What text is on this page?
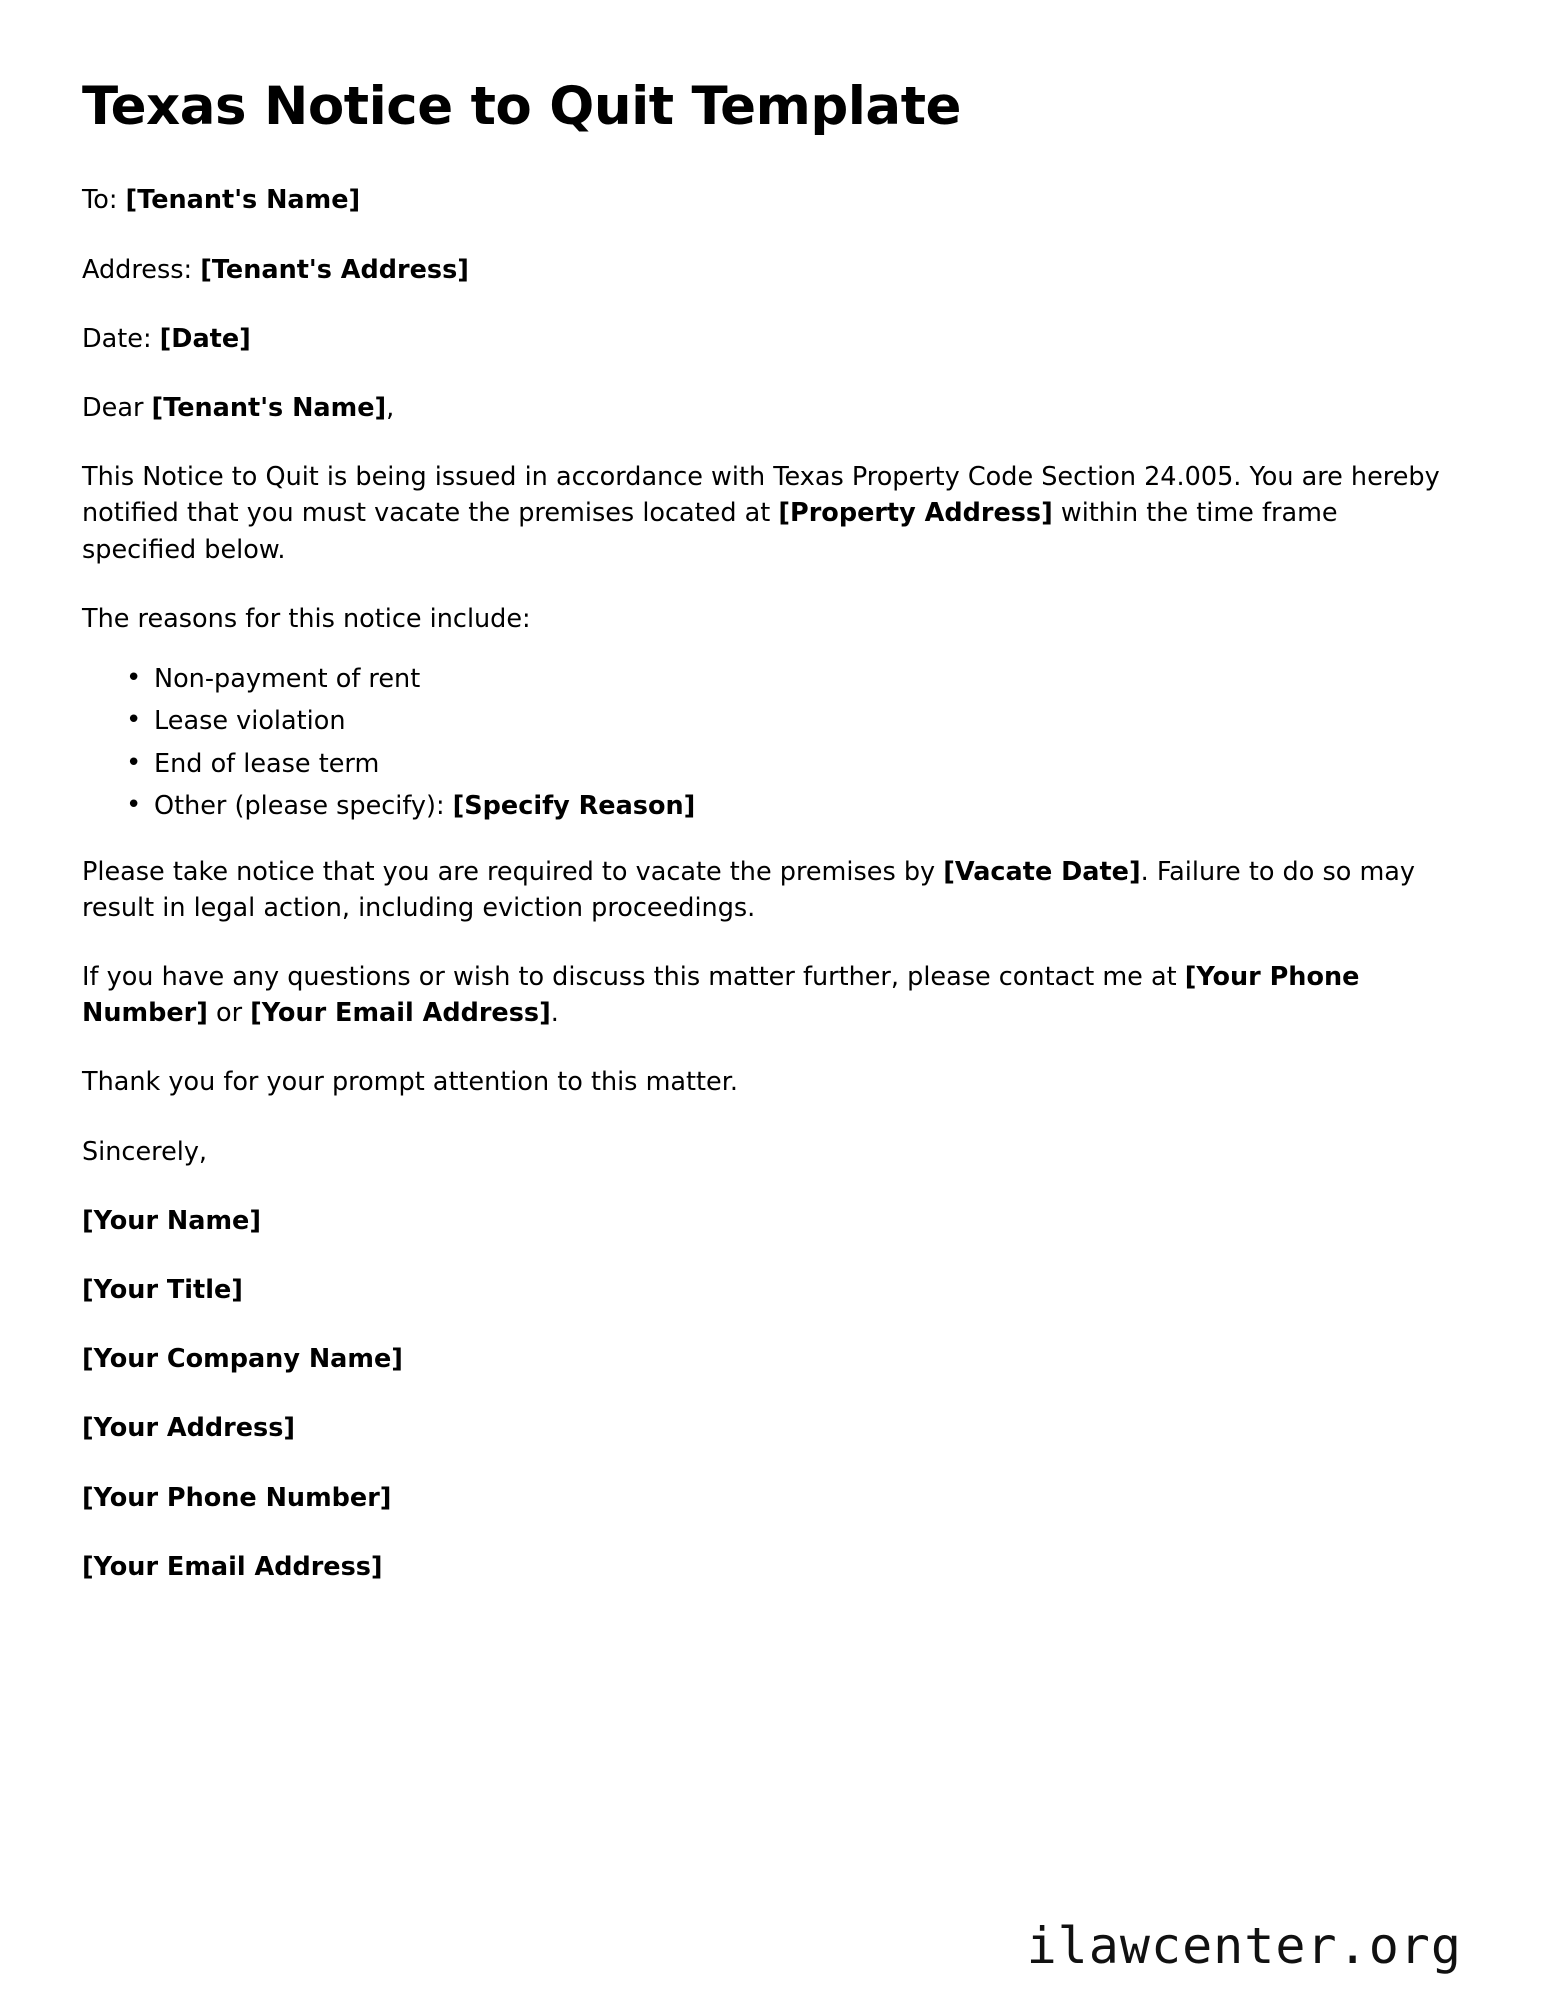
Texas Notice to Quit Template

To: [Tenant's Name]

Address: [Tenant's Address]

Date: [Date]

Dear [Tenant's Name],

This Notice to Quit is being issued in accordance with Texas Property Code Section 24.005. You are hereby notified that you must vacate the premises located at [Property Address] within the time frame specified below.

The reasons for this notice include:

• Non-payment of rent
• Lease violation
• End of lease term
• Other (please specify): [Specify Reason]

Please take notice that you are required to vacate the premises by [Vacate Date]. Failure to do so may result in legal action, including eviction proceedings.

If you have any questions or wish to discuss this matter further, please contact me at [Your Phone Number] or [Your Email Address].

Thank you for your prompt attention to this matter.

Sincerely,

[Your Name]
[Your Title]
[Your Company Name]
[Your Address]
[Your Phone Number]
[Your Email Address]
ilawcenter.org
